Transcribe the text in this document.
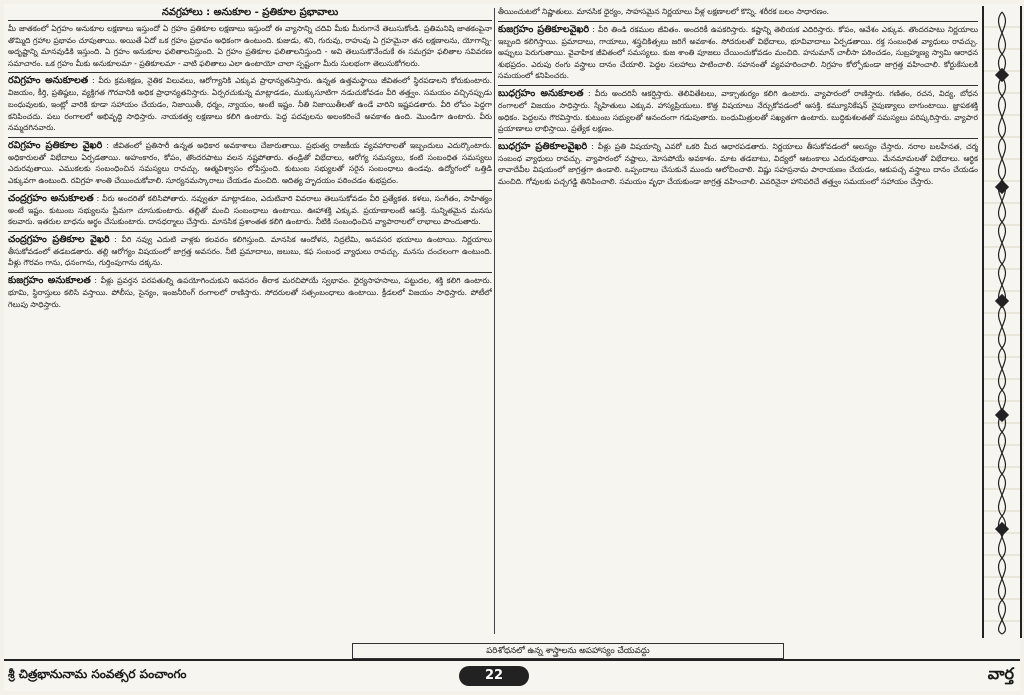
నవగ్రహాలు : అనుకూల - ప్రతికూల ప్రభావాలు

మీ జాతకంలో ఏగ్రహం అనుకూల లక్షణాలు ఇస్తుందో ఏ గ్రహం ప్రతికూల లక్షణాలు ఇస్తుందో ఈ వ్యాసాన్ని చదివి మీకు మీరుగానే తెలుసుకోండి. ప్రతిమనిషి జాతకంపైనా తొమ్మిది గ్రహాల ప్రభావం చూపుతాయి. అయితే ఏదో ఒక గ్రహం ప్రభావం అధికంగా ఉంటుంది. కుజుడు, శని, గురువు, రాహువు ఏ గ్రహమైనా తన లక్షణాలను, యోగాన్ని-అదృష్టాన్ని మానవుడికి ఇస్తుంది. ఏ గ్రహం అనుకూల ఫలితాలనిస్తుంది. ఏ గ్రహం ప్రతికూల ఫలితాలనిస్తుంది - అవి తెలుసుకొనేందుకే ఈ సమగ్రహ ఫలితాల సవివరణ సమాచారం. ఒక గ్రహం మీకు అనుకూలమా - ప్రతికూలమా - వాటి ఫలితాలు ఎలా ఉంటాయో చాలా స్పష్టంగా మీరు సులభంగా తెలుసుకోగలరు.

రవిగ్రహం అనుకూలత : వీరు క్రమశిక్షణ, నైతిక విలువలు, ఆరోగ్యానికి ఎక్కువ ప్రాధాన్యతనిస్తారు. ఉన్నత ఉత్తమస్థాయి జీవితంలో స్థిరపడాలని కోరుకుంటారు. విజయం, కీర్తి, ప్రతిష్ఠలు, వ్యక్తిగత గౌరవానికి అధిక ప్రాధాన్యతనిస్తారు. ఏర్పరచుకున్న మాట్లాడడం, ముక్కుసూటిగా నడుచుకోవడం వీరి తత్త్వం. సమయం వచ్చినప్పుడు బంధువులకు, ఇంట్లో వారికి కూడా సహాయం చేయడం, నిజాయితీ, ధర్మం, న్యాయం, అంటే ఇష్టం. నీతి నిజాయితీలతో ఉండే వారిని ఇష్టపడతారు. వీరి లోపం పెద్దగా కనిపించదు. పలు రంగాలలో అభివృద్ధి సాధిస్తారు. నాయకత్వ లక్షణాలు కలిగి ఉంటారు. పెద్ద పదవులను అలంకరించే అవకాశం ఉంది. మొండిగా ఉంటారు. వీరు నమ్మదగినవారు.

రవిగ్రహం ప్రతికూల వైఖరి : జీవితంలో ప్రతిసారీ ఉన్నత అధికార అవకాశాలు చేజారుతాయి. ప్రభుత్వ రాజకీయ వ్యవహారాలతో ఇబ్బందులు ఎదుర్కొంటారు. అధికారులతో విభేదాలు ఏర్పడతాయి. అహంకారం, కోపం, తొందరపాటు వలన నష్టపోతారు. తండ్రితో విభేదాలు, ఆరోగ్య సమస్యలు, కంటి సంబంధిత సమస్యలు ఎదురవుతాయి. ఎముకలకు సంబంధించిన సమస్యలు రావచ్చు. ఆత్మవిశ్వాసం లోపిస్తుంది. కుటుంబ సభ్యులతో సరైన సంబంధాలు ఉండవు. ఉద్యోగంలో ఒత్తిడి ఎక్కువగా ఉంటుంది. రవిగ్రహ శాంతి చేయించుకోవాలి. సూర్యనమస్కారాలు చేయడం మంచిది. ఆదిత్య హృదయం పఠించడం శుభప్రదం.

చంద్రగ్రహం అనుకూలత : వీరు అందరితో కలిసిపోతారు. నవ్వుతూ మాట్లాడటం, ఎదుటివారి వివరాలు తెలుసుకోవడం వీరి ప్రత్యేకత. కళలు, సంగీతం, సాహిత్యం అంటే ఇష్టం. కుటుంబ సభ్యులను ప్రేమగా చూసుకుంటారు. తల్లితో మంచి సంబంధాలు ఉంటాయి. ఊహాశక్తి ఎక్కువ. ప్రయాణాలంటే ఆసక్తి. సున్నితమైన మనసు కలవారు. ఇతరుల బాధను అర్థం చేసుకుంటారు. దానధర్మాలు చేస్తారు. మానసిక ప్రశాంతత కలిగి ఉంటారు. నీటికి సంబంధించిన వ్యాపారాలలో లాభాలు పొందుతారు.

చంద్రగ్రహం ప్రతికూల వైఖరి : వీరి నవ్వు ఎదుటి వాళ్లకు కలవరం కలిగిస్తుంది. మానసిక ఆందోళన, నిద్రలేమి, అనవసర భయాలు ఉంటాయి. నిర్ణయాలు తీసుకోవడంలో తడబడతారు. తల్లి ఆరోగ్యం విషయంలో జాగ్రత్త అవసరం. నీటి ప్రమాదాలు, జలుబు, కఫ సంబంధ వ్యాధులు రావచ్చు. మనసు చంచలంగా ఉంటుంది. వీళ్లు గౌరవం గాను, ధనంగాను, గుర్తింపుగాను దక్కను.

కుజగ్రహం అనుకూలత : వీళ్లు ప్రవర్తన పరపతుల్ని ఉపయోగించుకుని అవసరం తీరాక మరచిపోయే స్వభావం. ధైర్యసాహసాలు, పట్టుదల, శక్తి కలిగి ఉంటారు. భూమి, స్థిరాస్తులు కలిసి వస్తాయి. పోలీసు, సైన్యం, ఇంజనీరింగ్ రంగాలలో రాణిస్తారు. సోదరులతో సత్సంబంధాలు ఉంటాయి. క్రీడలలో విజయం సాధిస్తారు. పోటీలో గెలుపు సాధిస్తారు.

తీయించుటలో నిష్ణాతులు. మానసిక ధైర్యం, సాహసమైన నిర్ణయాలు వీళ్ల లక్షణాలలో కొన్ని. శరీరక బలం సాధారణం.

కుజగ్రహం ప్రతికూలవైఖరి : వీరి తిండి రకముల జీవితం. అందరికీ ఉపకరిస్తారు. కష్టాన్ని తెలియక ఎదిరిస్తారు. కోపం, ఆవేశం ఎక్కువ. తొందరపాటు నిర్ణయాలు ఇబ్బంది కలిగిస్తాయి. ప్రమాదాలు, గాయాలు, శస్త్రచికిత్సలు జరిగే అవకాశం. సోదరులతో విభేదాలు, భూవివాదాలు ఏర్పడతాయి. రక్త సంబంధిత వ్యాధులు రావచ్చు. అప్పులు పెరుగుతాయి. వైవాహిక జీవితంలో సమస్యలు. కుజ శాంతి పూజలు చేయించుకోవడం మంచిది. హనుమాన్ చాలీసా పఠించడం, సుబ్రహ్మణ్య స్వామి ఆరాధన శుభప్రదం. ఎరుపు రంగు వస్త్రాలు దానం చేయాలి. పెద్దల సలహాలు పాటించాలి. సహనంతో వ్యవహరించాలి. నిగ్రహం కోల్పోకుండా జాగ్రత్త వహించాలి. కోర్టుకేసులకి సమయంలో కనిపించరు.

బుధగ్రహం అనుకూలత : వీరు అందరినీ ఆకర్షిస్తారు. తెలివితేటలు, వాక్చాతుర్యం కలిగి ఉంటారు. వ్యాపారంలో రాణిస్తారు. గణితం, రచన, విద్య, బోధన రంగాలలో విజయం సాధిస్తారు. స్నేహితులు ఎక్కువ. హాస్యప్రియులు. కొత్త విషయాలు నేర్చుకోవడంలో ఆసక్తి. కమ్యూనికేషన్ నైపుణ్యాలు బాగుంటాయి. జ్ఞాపకశక్తి అధికం. పెద్దలను గౌరవిస్తారు. కుటుంబ సభ్యులతో ఆనందంగా గడుపుతారు. బంధుమిత్రులతో సఖ్యతగా ఉంటారు. బుద్ధికుశలతతో సమస్యలు పరిష్కరిస్తారు. వ్యాపార ప్రయాణాలు లాభిస్తాయి. ప్రత్యేక లక్షణం.

బుధగ్రహ ప్రతికూలవైఖరి : వీళ్లు ప్రతి విషయాన్ని ఎవరో ఒకరి మీద ఆధారపడతారు. నిర్ణయాలు తీసుకోవడంలో ఆలస్యం చేస్తారు. నరాల బలహీనత, చర్మ సంబంధ వ్యాధులు రావచ్చు. వ్యాపారంలో నష్టాలు, మోసపోయే అవకాశం. మాట తడబాటు, విద్యలో ఆటంకాలు ఎదురవుతాయి. మేనమామలతో విభేదాలు. ఆర్థిక లావాదేవీల విషయంలో జాగ్రత్తగా ఉండాలి. ఒప్పందాలు చేసుకునే ముందు ఆలోచించాలి. విష్ణు సహస్రనామ పారాయణం చేయడం, ఆకుపచ్చ వస్త్రాలు దానం చేయడం మంచిది. గోవులకు పచ్చగడ్డి తినిపించాలి. సమయం వృధా చేయకుండా జాగ్రత్త వహించాలి. ఎవరినైనా హానిపరిచే తత్త్వం సమయంలో సహాయం చేస్తారు.

పరిశోధనలో ఉన్న శాస్త్రాలను అపహాస్యం చేయవద్దు
శ్రీ చిత్రభానునామ సంవత్సర పంచాంగం	22	వార్త
